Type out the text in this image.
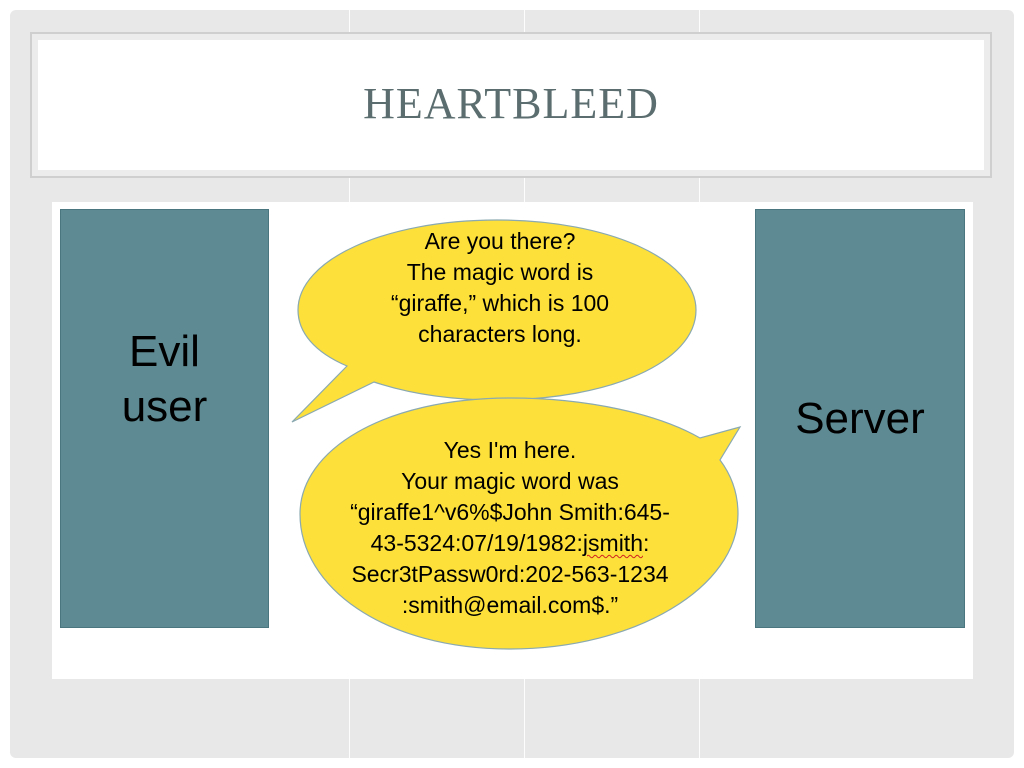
HEARTBLEED
Evil
user	Server
Are you there?
The magic word is
“giraffe,” which is 100
characters long.
Yes I'm here.
Your magic word was
“giraffe1^v6%$John Smith:645-
43-5324:07/19/1982:jsmith:
Secr3tPassw0rd:202-563-1234
:smith@email.com$.”
